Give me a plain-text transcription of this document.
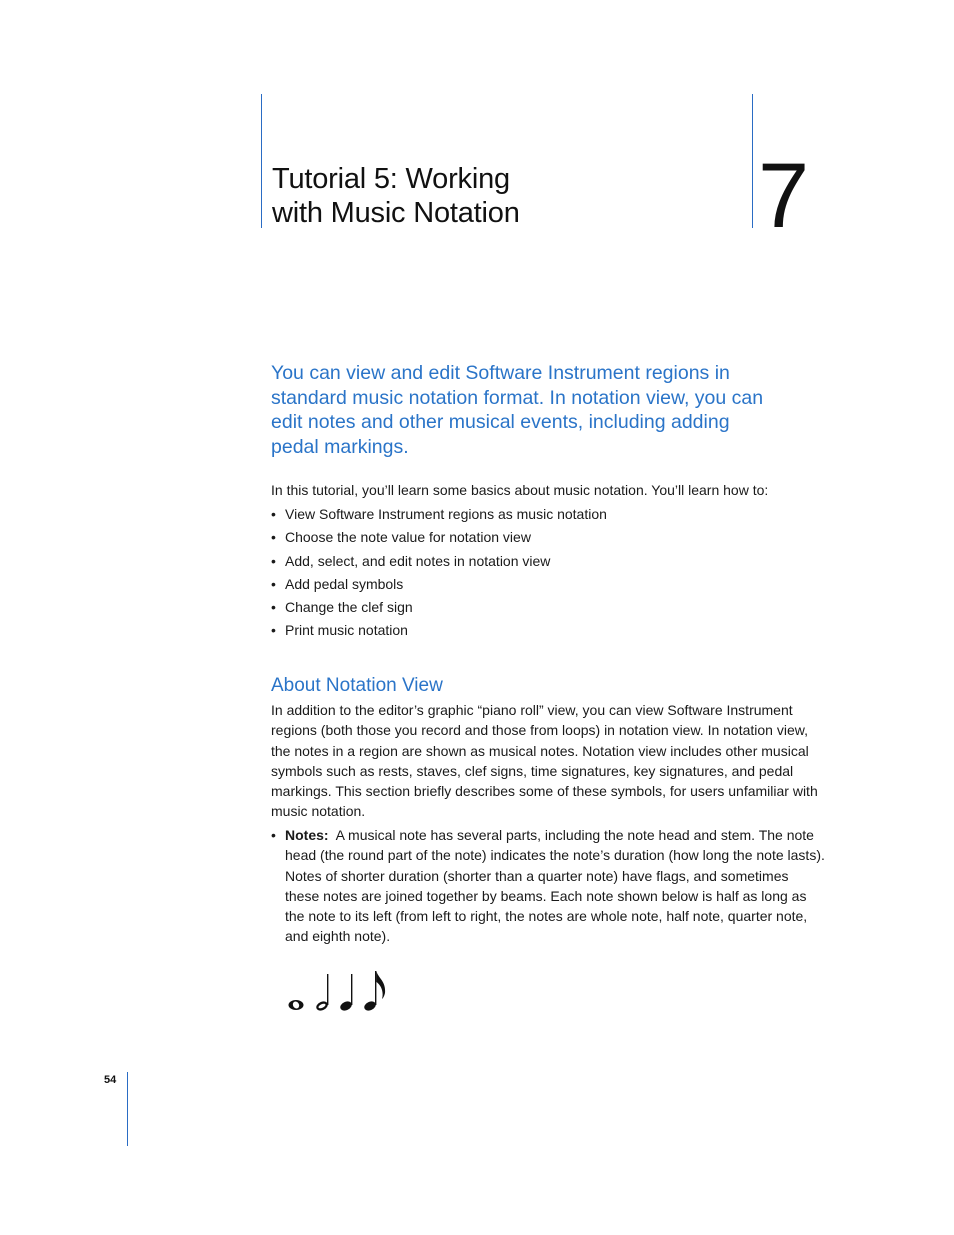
Tutorial 5: Working
with Music Notation	7

You can view and edit Software Instrument regions in standard music notation format. In notation view, you can edit notes and other musical events, including adding pedal markings.

In this tutorial, you’ll learn some basics about music notation. You’ll learn how to:

• View Software Instrument regions as music notation
• Choose the note value for notation view
• Add, select, and edit notes in notation view
• Add pedal symbols
• Change the clef sign
• Print music notation
About Notation View

In addition to the editor’s graphic “piano roll” view, you can view Software Instrument regions (both those you record and those from loops) in notation view. In notation view, the notes in a region are shown as musical notes. Notation view includes other musical symbols such as rests, staves, clef signs, time signatures, key signatures, and pedal markings. This section briefly describes some of these symbols, for users unfamiliar with music notation.

• Notes: A musical note has several parts, including the note head and stem. The note head (the round part of the note) indicates the note’s duration (how long the note lasts). Notes of shorter duration (shorter than a quarter note) have flags, and sometimes these notes are joined together by beams. Each note shown below is half as long as the note to its left (from left to right, the notes are whole note, half note, quarter note, and eighth note).
54
